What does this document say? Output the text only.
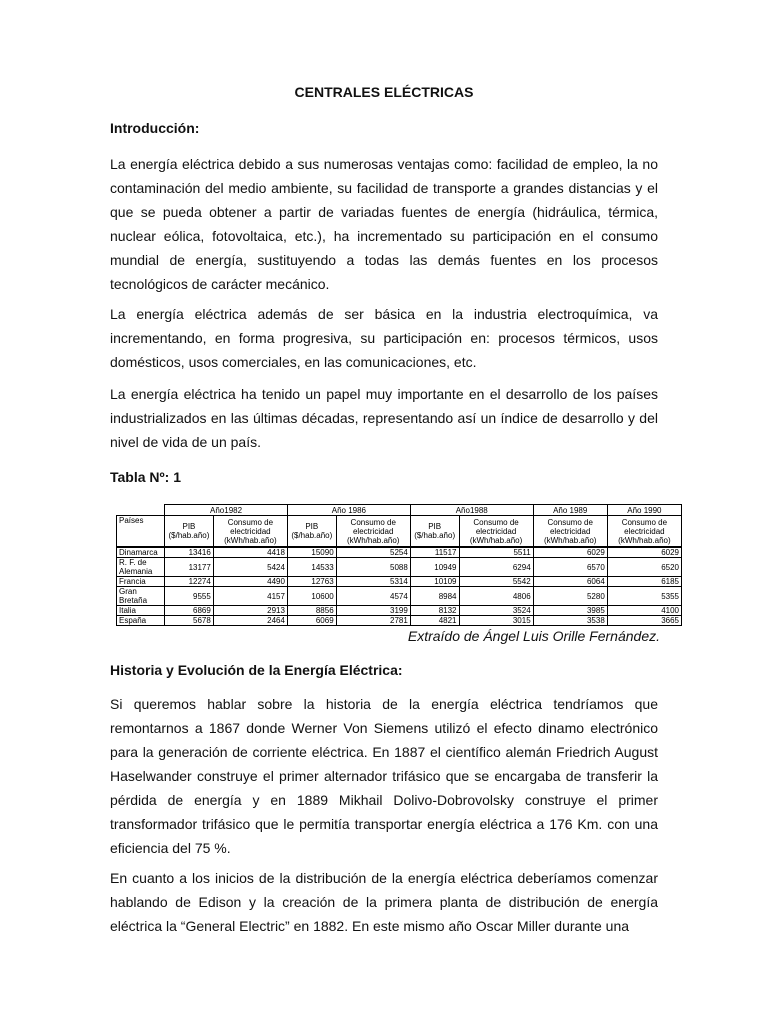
CENTRALES ELÉCTRICAS
Introducción:

La energía eléctrica debido a sus numerosas ventajas como: facilidad de empleo, la no contaminación del medio ambiente, su facilidad de transporte a grandes distancias y el que se pueda obtener a partir de variadas fuentes de energía (hidráulica, térmica, nuclear eólica, fotovoltaica, etc.), ha incrementado su participación en el consumo mundial de energía, sustituyendo a todas las demás fuentes en los procesos tecnológicos de carácter mecánico.

La energía eléctrica además de ser básica en la industria electroquímica, va incrementando, en forma progresiva, su participación en: procesos térmicos, usos domésticos, usos comerciales, en las comunicaciones, etc.

La energía eléctrica ha tenido un papel muy importante en el desarrollo de los países industrializados en las últimas décadas, representando así un índice de desarrollo y del nivel de vida de un país.

Tabla Nº: 1
	Año1982		Año 1986		Año1988		Año 1989	Año 1990
Países	PIB ($/hab.año)	Consumo de electricidad (kWh/hab.año)	PIB ($/hab.año)	Consumo de electricidad (kWh/hab.año)	PIB ($/hab.año)	Consumo de electricidad (kWh/hab.año)	Consumo de electricidad (kWh/hab.año)	Consumo de electricidad (kWh/hab.año)
Dinamarca	13416	4418	15090	5254	11517	5511	6029	6029
R. F. de Alemania	13177	5424	14533	5088	10949	6294	6570	6520
Francia	12274	4490	12763	5314	10109	5542	6064	6185
Gran Bretaña	9555	4157	10600	4574	8984	4806	5280	5355
Italia	6869	2913	8856	3199	8132	3524	3985	4100
España	5678	2464	6069	2781	4821	3015	3538	3665
Extraído de Ángel Luis Orille Fernández.
Historia y Evolución de la Energía Eléctrica:

Si queremos hablar sobre la historia de la energía eléctrica tendríamos que remontarnos a 1867 donde Werner Von Siemens utilizó el efecto dinamo electrónico para la generación de corriente eléctrica. En 1887 el científico alemán Friedrich August Haselwander construye el primer alternador trifásico que se encargaba de transferir la pérdida de energía y en 1889 Mikhail Dolivo-Dobrovolsky construye el primer transformador trifásico que le permitía transportar energía eléctrica a 176 Km. con una eficiencia del 75 %.

En cuanto a los inicios de la distribución de la energía eléctrica deberíamos comenzar hablando de Edison y la creación de la primera planta de distribución de energía eléctrica la “General Electric” en 1882. En este mismo año Oscar Miller durante una
